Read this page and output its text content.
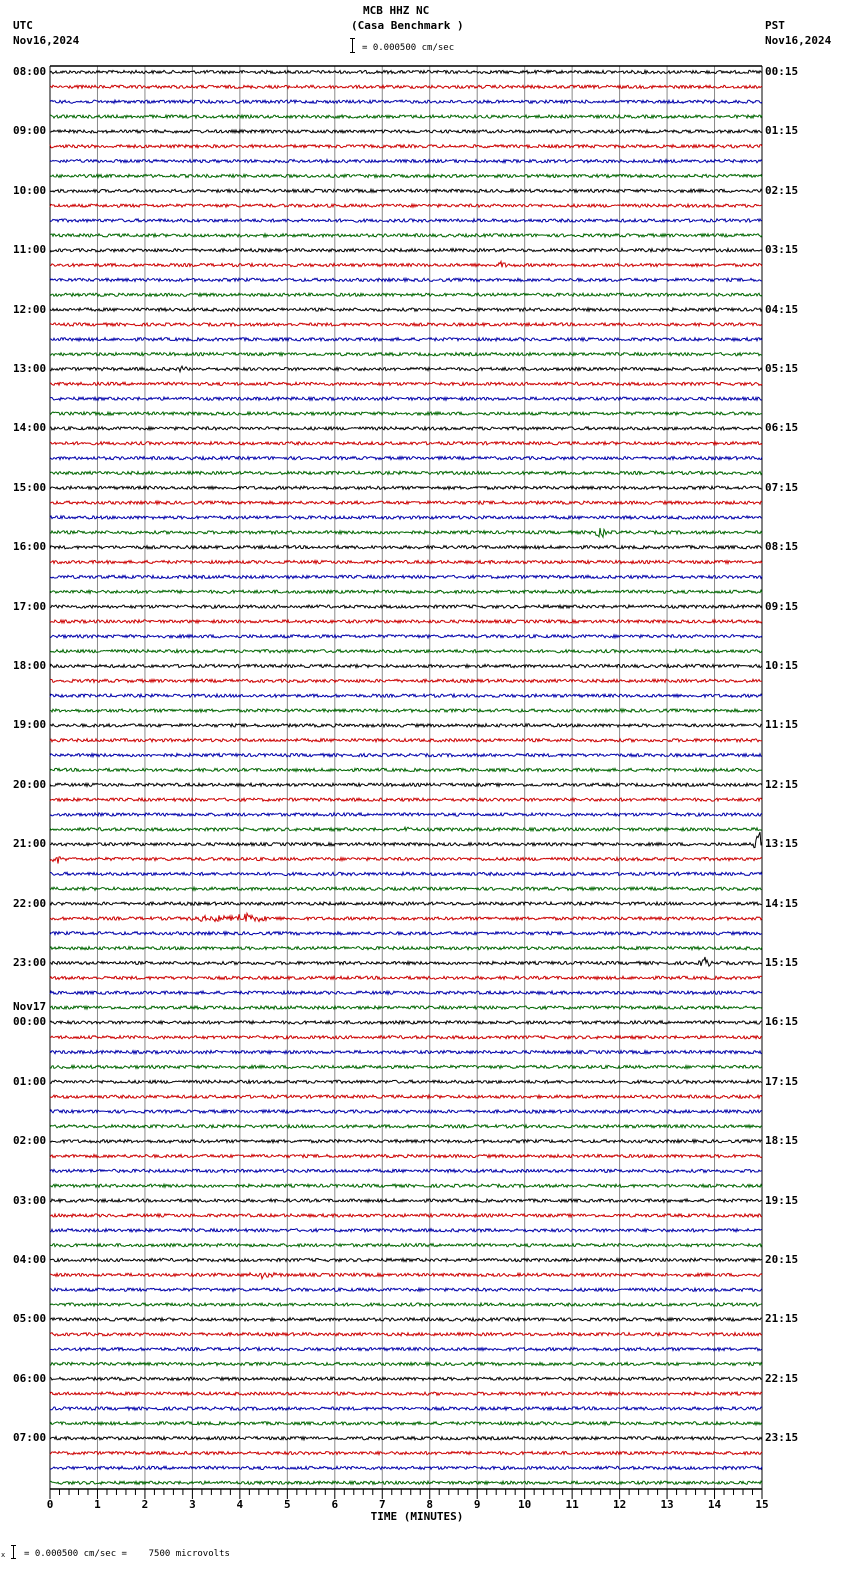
MCB HHZ NC
(Casa Benchmark )
UTC
Nov16,2024
PST
Nov16,2024
= 0.000500 cm/sec
0	1	2	3	4	5	6	7	8	9	10	11	12	13	14	15
TIME (MINUTES)
08:00
09:00
10:00
11:00
12:00
13:00
14:00
15:00
16:00
17:00
18:00
19:00
20:00
21:00
22:00
23:00
00:00
Nov17
01:00
02:00
03:00
04:00
05:00
06:00
07:00
00:15
01:15
02:15
03:15
04:15
05:15
06:15
07:15
08:15
09:15
10:15
11:15
12:15
13:15
14:15
15:15
16:15
17:15
18:15
19:15
20:15
21:15
22:15
23:15
x = 0.000500 cm/sec =    7500 microvolts
